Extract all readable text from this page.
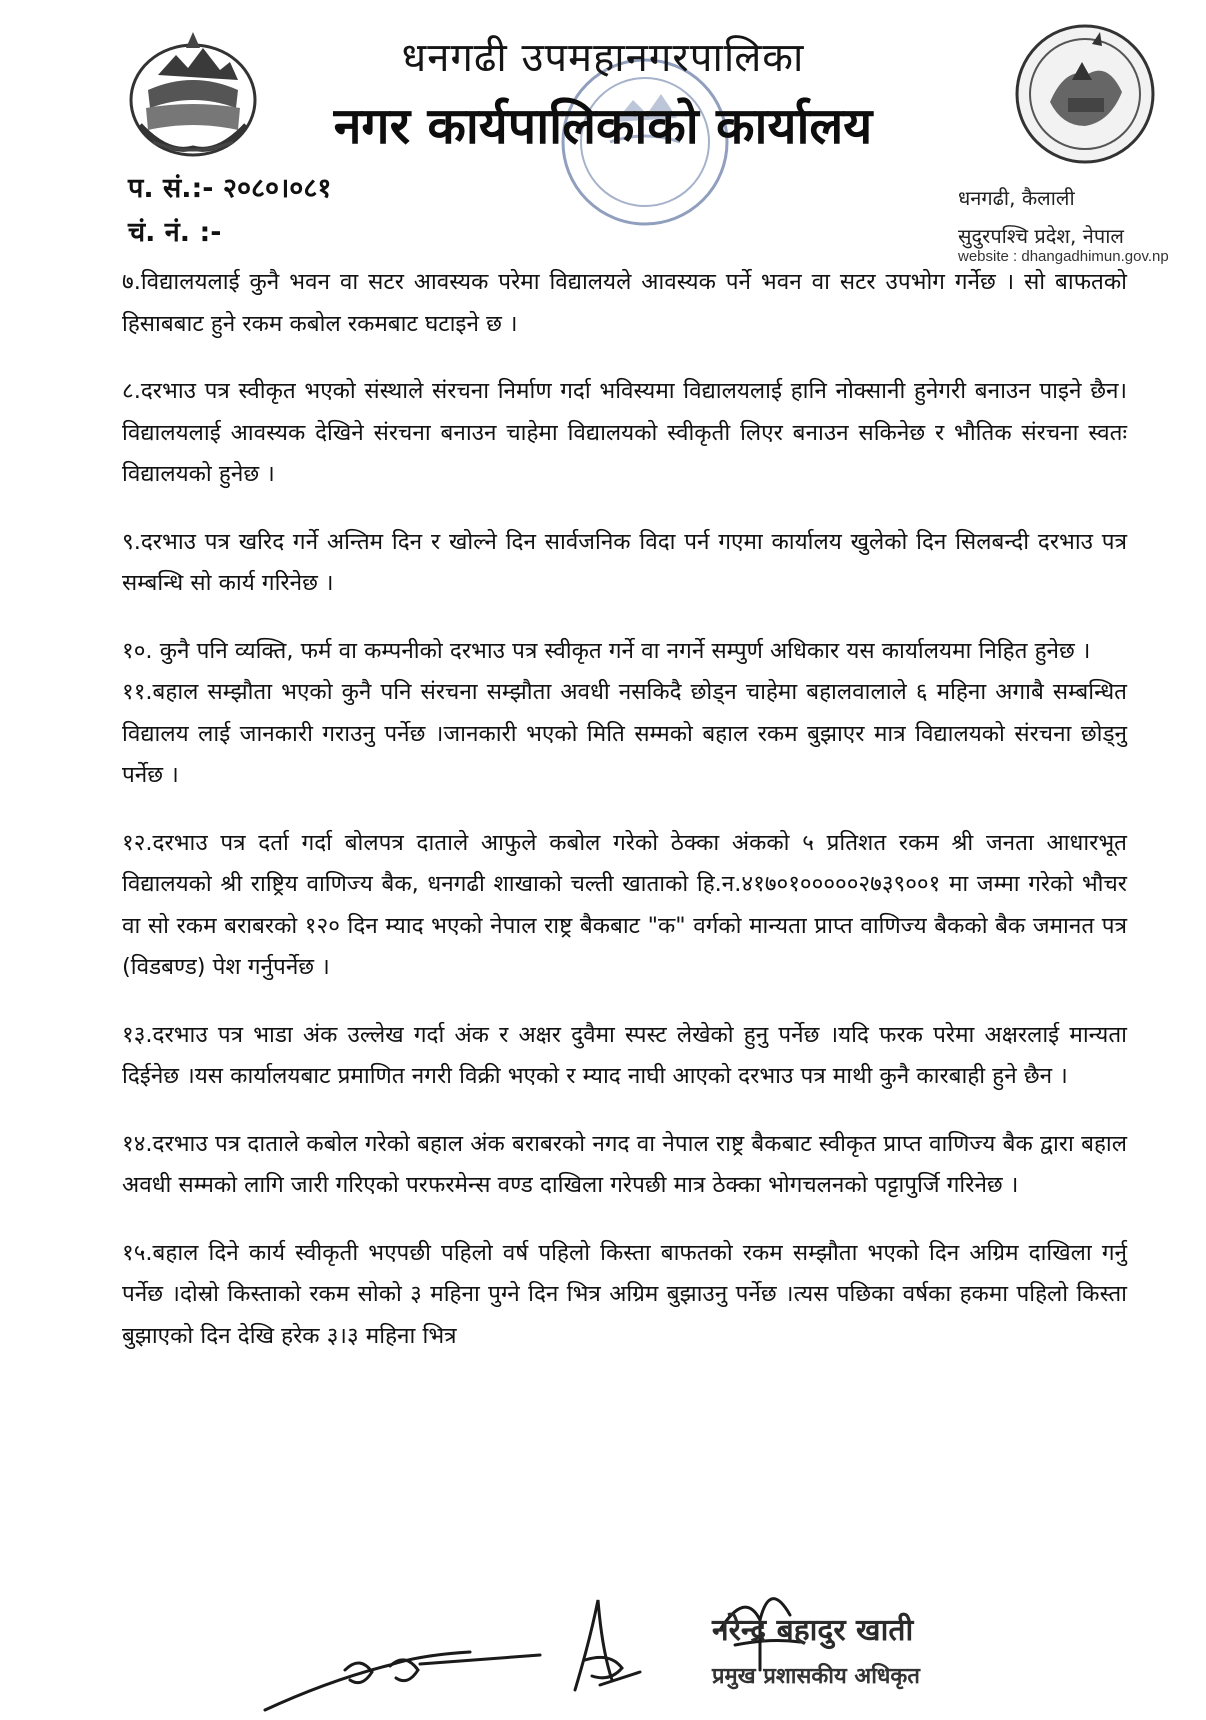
धनगढी उपमहानगरपालिका
नगर कार्यपालिकाको कार्यालय
प. सं.:- २०८०।०८१
चं. नं. :-
धनगढी, कैलाली
सुदुरपश्चि प्रदेश, नेपाल
website : dhangadhimun.gov.np

७.विद्यालयलाई कुनै भवन वा सटर आवस्यक परेमा विद्यालयले आवस्यक पर्ने भवन वा सटर उपभोग गर्नेछ । सो बाफतको हिसाबबाट हुने रकम कबोल रकमबाट घटाइने छ ।

८.दरभाउ पत्र स्वीकृत भएको संस्थाले संरचना निर्माण गर्दा भविस्यमा विद्यालयलाई हानि नोक्सानी हुनेगरी बनाउन पाइने छैन। विद्यालयलाई आवस्यक देखिने संरचना बनाउन चाहेमा विद्यालयको स्वीकृती लिएर बनाउन सकिनेछ र भौतिक संरचना स्वतः विद्यालयको हुनेछ ।

९.दरभाउ पत्र खरिद गर्ने अन्तिम दिन र खोल्ने दिन सार्वजनिक विदा पर्न गएमा कार्यालय खुलेको दिन सिलबन्दी दरभाउ पत्र सम्बन्धि सो कार्य गरिनेछ ।

१०. कुनै पनि व्यक्ति, फर्म वा कम्पनीको दरभाउ पत्र स्वीकृत गर्ने वा नगर्ने सम्पुर्ण अधिकार यस कार्यालयमा निहित हुनेछ ।

११.बहाल सम्झौता भएको कुनै पनि संरचना सम्झौता अवधी नसकिदै छोड्न चाहेमा बहालवालाले ६ महिना अगाबै सम्बन्धित विद्यालय लाई जानकारी गराउनु पर्नेछ ।जानकारी भएको मिति सम्मको बहाल रकम बुझाएर मात्र विद्यालयको संरचना छोड्नु पर्नेछ ।

१२.दरभाउ पत्र दर्ता गर्दा बोलपत्र दाताले आफुले कबोल गरेको ठेक्का अंकको ५ प्रतिशत रकम श्री जनता आधारभूत विद्यालयको श्री राष्ट्रिय वाणिज्य बैक, धनगढी शाखाको चल्ती खाताको हि.न.४१७०१०००००२७३९००१ मा जम्मा गरेको भौचर वा सो रकम बराबरको १२० दिन म्याद भएको नेपाल राष्ट्र बैकबाट "क" वर्गको मान्यता प्राप्त वाणिज्य बैकको बैक जमानत पत्र (विडबण्ड) पेश गर्नुपर्नेछ ।

१३.दरभाउ पत्र भाडा अंक उल्लेख गर्दा अंक र अक्षर दुवैमा स्पस्ट लेखेको हुनु पर्नेछ ।यदि फरक परेमा अक्षरलाई मान्यता दिईनेछ ।यस कार्यालयबाट प्रमाणित नगरी विक्री भएको र म्याद नाघी आएको दरभाउ पत्र माथी कुनै कारबाही हुने छैन ।

१४.दरभाउ पत्र दाताले कबोल गरेको बहाल अंक बराबरको नगद वा नेपाल राष्ट्र बैकबाट स्वीकृत प्राप्त वाणिज्य बैक द्वारा बहाल अवधी सम्मको लागि जारी गरिएको परफरमेन्स वण्ड दाखिला गरेपछी मात्र ठेक्का भोगचलनको पट्टापुर्जि गरिनेछ ।

१५.बहाल दिने कार्य स्वीकृती भएपछी पहिलो वर्ष पहिलो किस्ता बाफतको रकम सम्झौता भएको दिन अग्रिम दाखिला गर्नु पर्नेछ ।दोस्रो किस्ताको रकम सोको ३ महिना पुग्ने दिन भित्र अग्रिम बुझाउनु पर्नेछ ।त्यस पछिका वर्षका हकमा पहिलो किस्ता बुझाएको दिन देखि हरेक ३।३ महिना भित्र

नरेन्द्र बहादुर खाती
प्रमुख प्रशासकीय अधिकृत
